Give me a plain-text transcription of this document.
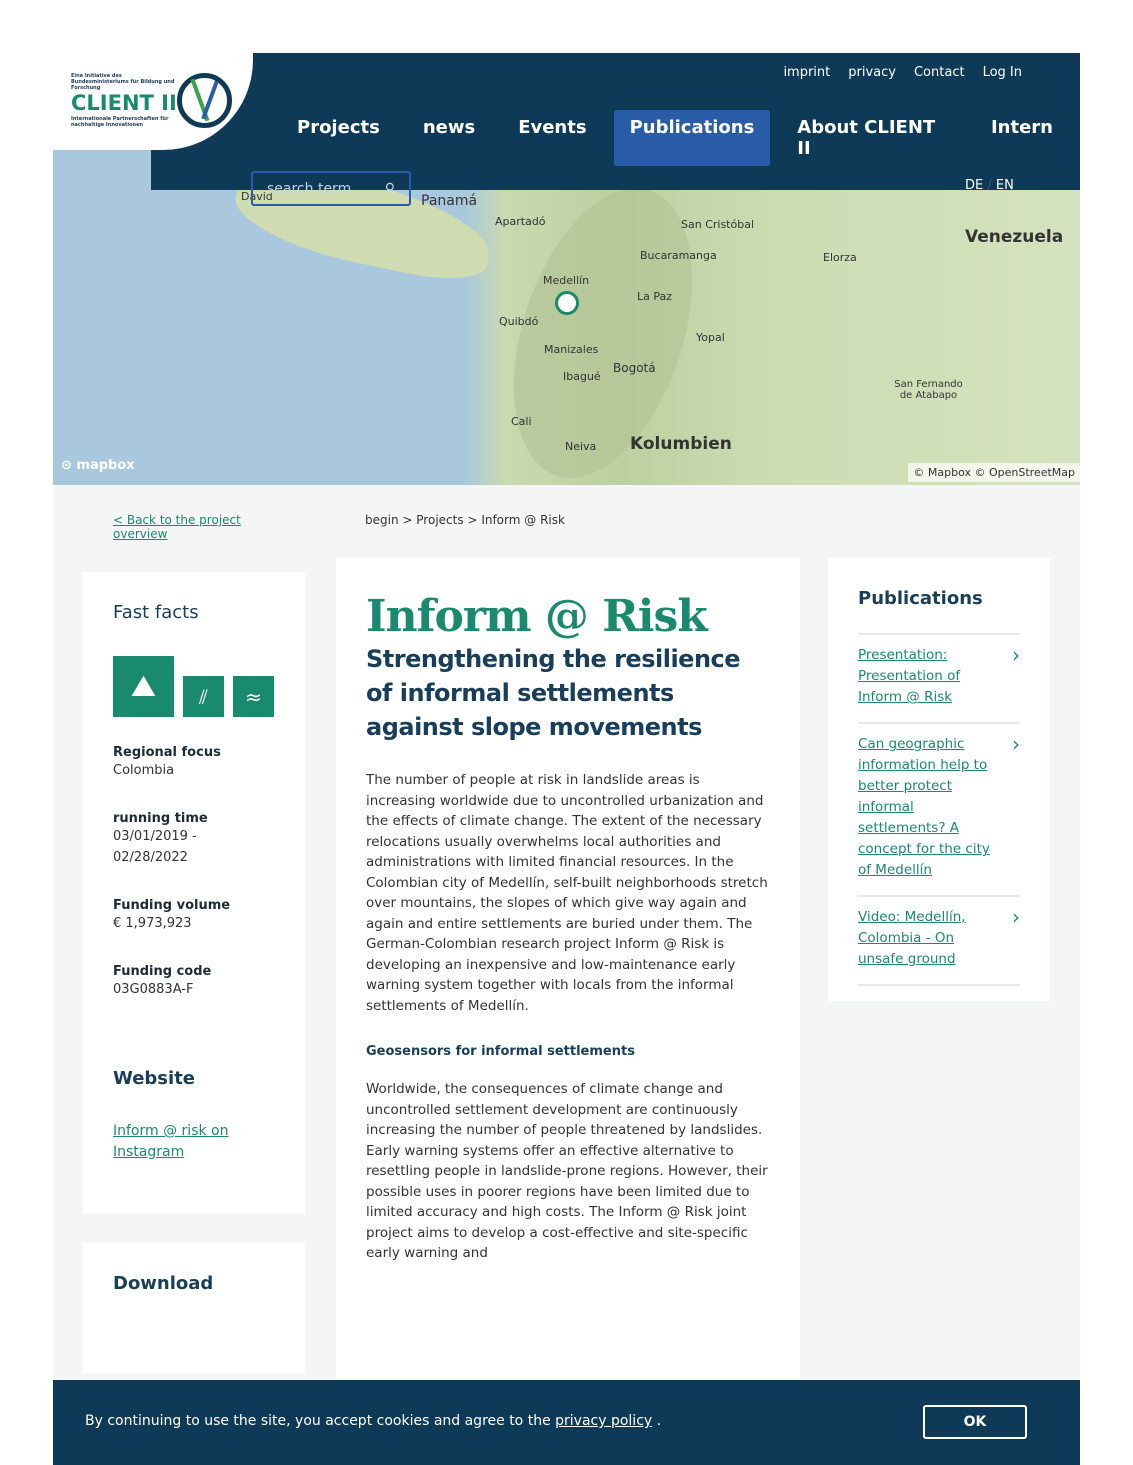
David	Panamá
Apartadó	San Cristóbal
Venezuela
Bucaramanga	Elorza
Medellín
La Paz
Quibdó
Yopal
Manizales
Bogotá
Ibagué
San Fernando de Atabapo
Cali
Neiva Kolumbien
⊙ mapbox	© Mapbox © OpenStreetMap
imprint privacy Contact Log In
Projects	news	Events	Publications	About CLIENT II
Intern
search term ⚲	DE / EN
Eine Initiative des Bundesministeriums für Bildung und Forschung
CLIENT II
Internationale Partnerschaften für nachhaltige Innovationen
< Back to the project overview
begin > Projects > Inform @ Risk
Fast facts
⛰	⫽	≈
Regional focus
Colombia
running time
03/01/2019 - 02/28/2022
Funding volume
€ 1,973,923
Funding code
03G0883A-F
Website
Inform @ risk on Instagram
Download
Inform @ Risk
Strengthening the resilience of informal settlements against slope movements

The number of people at risk in landslide areas is increasing worldwide due to uncontrolled urbanization and the effects of climate change. The extent of the necessary relocations usually overwhelms local authorities and administrations with limited financial resources. In the Colombian city of Medellín, self-built neighborhoods stretch over mountains, the slopes of which give way again and again and entire settlements are buried under them. The German-Colombian research project Inform @ Risk is developing an inexpensive and low-maintenance early warning system together with locals from the informal settlements of Medellín.

Geosensors for informal settlements

Worldwide, the consequences of climate change and uncontrolled settlement development are continuously increasing the number of people threatened by landslides. Early warning systems offer an effective alternative to resettling people in landslide-prone regions. However, their possible uses in poorer regions have been limited due to limited accuracy and high costs. The Inform @ Risk joint project aims to develop a cost-effective and site-specific early warning and

Publications
Presentation: Presentation of Inform @ Risk
›
Can geographic information help to better protect informal settlements? A concept for the city of Medellín
›
Video: Medellín, Colombia - On unsafe ground
›
By continuing to use the site, you accept cookies and agree to the privacy policy .	OK
